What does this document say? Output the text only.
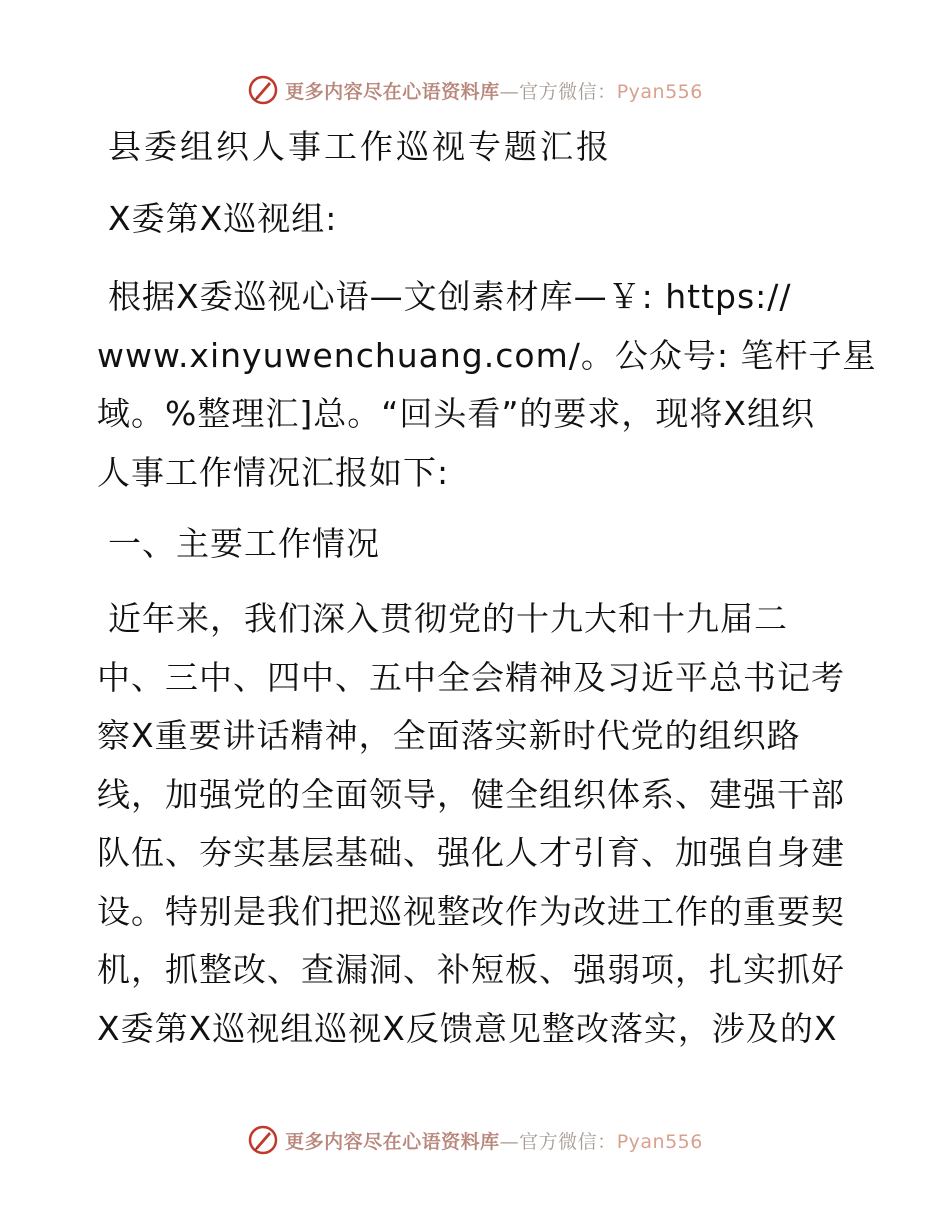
更多内容尽在心语资料库—官方微信：Pyan556
县委组织人事工作巡视专题汇报

X委第X巡视组:

根据X委巡视心语—文创素材库—￥: https://
www.xinyuwenchuang.com/。公众号: 笔杆子星
域。%整理汇]总。“回头看”的要求，现将X组织
人事工作情况汇报如下:

一、主要工作情况

近年来，我们深入贯彻党的十九大和十九届二
中、三中、四中、五中全会精神及习近平总书记考
察X重要讲话精神，全面落实新时代党的组织路
线，加强党的全面领导，健全组织体系、建强干部
队伍、夯实基层基础、强化人才引育、加强自身建
设。特别是我们把巡视整改作为改进工作的重要契
机，抓整改、查漏洞、补短板、强弱项，扎实抓好
X委第X巡视组巡视X反馈意见整改落实，涉及的X

更多内容尽在心语资料库—官方微信：Pyan556
